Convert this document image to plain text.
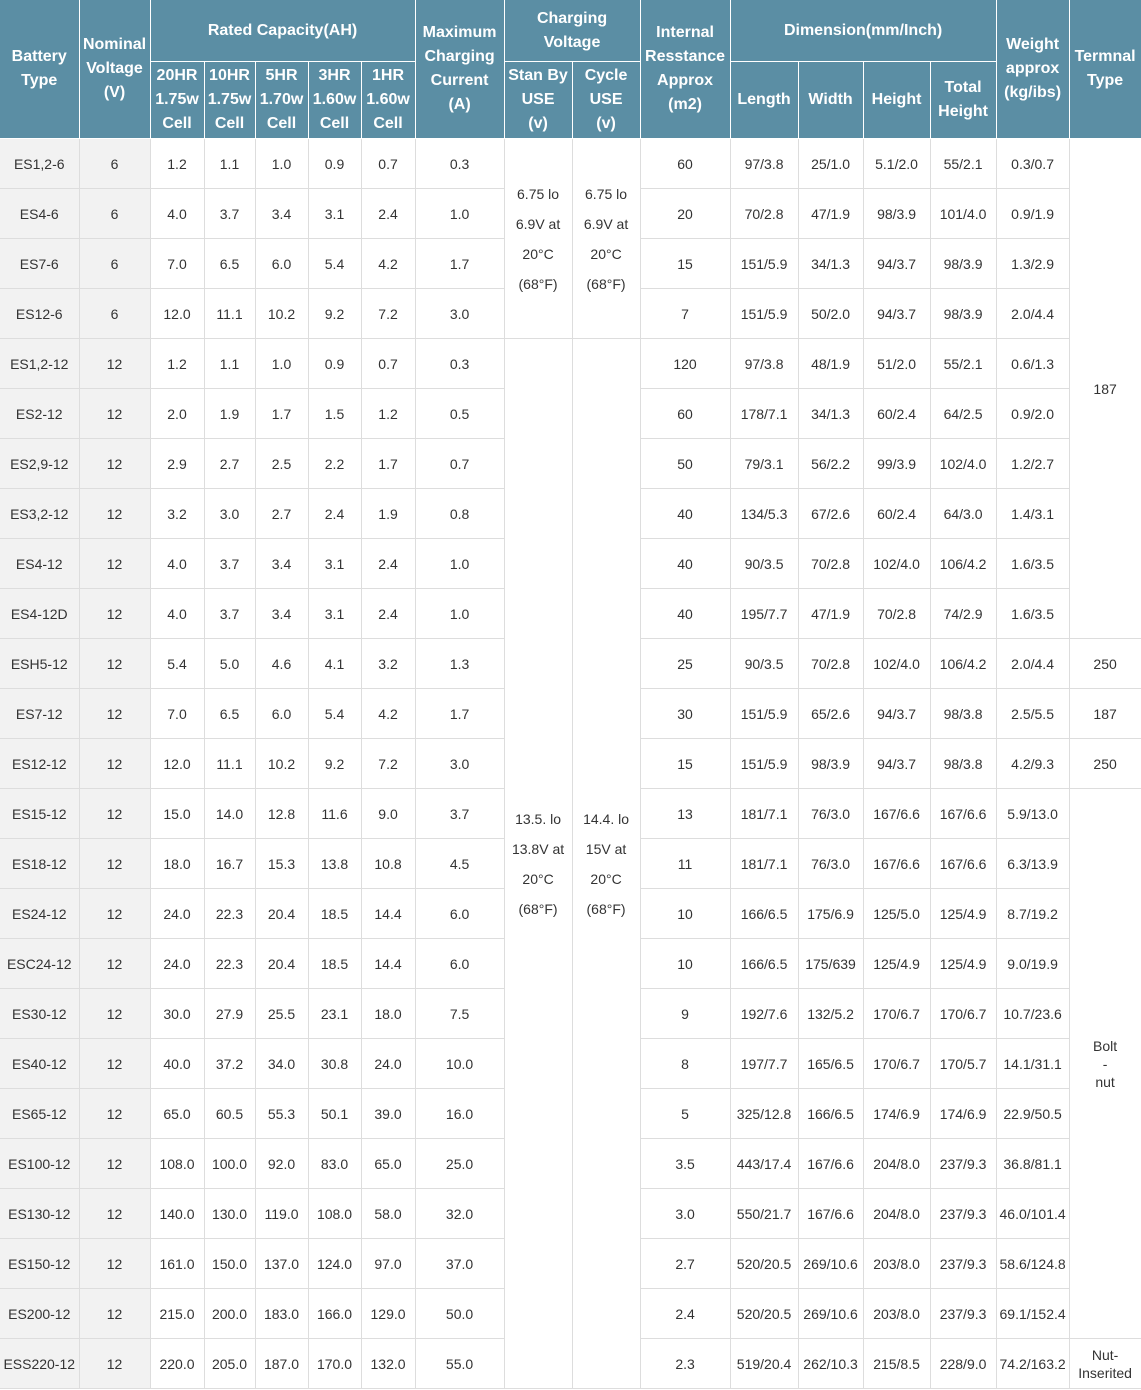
Battery
Type	Nominal
Voltage
(V)	Rated Capacity(AH)					Maximum
Charging
Current
(A)	Charging
Voltage		Internal
Resstance
Approx
(m2)	Dimension(mm/Inch)				Weight
approx
(kg/ibs)	Termnal
Type
		20HR
1.75w
Cell	10HR
1.75w
Cell	5HR
1.70w
Cell	3HR
1.60w
Cell	1HR
1.60w
Cell		Stan By
USE
(v)	Cycle
USE
(v)		Length	Width	Height	Total
Height		
ES1,2-6	6	1.2	1.1	1.0	0.9	0.7	0.3	6.75 lo
6.9V at
20°C
(68°F)	6.75 lo
6.9V at
20°C
(68°F)	60	97/3.8	25/1.0	5.1/2.0	55/2.1	0.3/0.7	187
ES4-6	6	4.0	3.7	3.4	3.1	2.4	1.0			20	70/2.8	47/1.9	98/3.9	101/4.0	0.9/1.9	
ES7-6	6	7.0	6.5	6.0	5.4	4.2	1.7			15	151/5.9	34/1.3	94/3.7	98/3.9	1.3/2.9	
ES12-6	6	12.0	11.1	10.2	9.2	7.2	3.0			7	151/5.9	50/2.0	94/3.7	98/3.9	2.0/4.4	
ES1,2-12	12	1.2	1.1	1.0	0.9	0.7	0.3	13.5. lo
13.8V at
20°C
(68°F)	14.4. lo
15V at
20°C
(68°F)	120	97/3.8	48/1.9	51/2.0	55/2.1	0.6/1.3	
ES2-12	12	2.0	1.9	1.7	1.5	1.2	0.5			60	178/7.1	34/1.3	60/2.4	64/2.5	0.9/2.0	
ES2,9-12	12	2.9	2.7	2.5	2.2	1.7	0.7			50	79/3.1	56/2.2	99/3.9	102/4.0	1.2/2.7	
ES3,2-12	12	3.2	3.0	2.7	2.4	1.9	0.8			40	134/5.3	67/2.6	60/2.4	64/3.0	1.4/3.1	
ES4-12	12	4.0	3.7	3.4	3.1	2.4	1.0			40	90/3.5	70/2.8	102/4.0	106/4.2	1.6/3.5	
ES4-12D	12	4.0	3.7	3.4	3.1	2.4	1.0			40	195/7.7	47/1.9	70/2.8	74/2.9	1.6/3.5	
ESH5-12	12	5.4	5.0	4.6	4.1	3.2	1.3			25	90/3.5	70/2.8	102/4.0	106/4.2	2.0/4.4	250
ES7-12	12	7.0	6.5	6.0	5.4	4.2	1.7			30	151/5.9	65/2.6	94/3.7	98/3.8	2.5/5.5	187
ES12-12	12	12.0	11.1	10.2	9.2	7.2	3.0			15	151/5.9	98/3.9	94/3.7	98/3.8	4.2/9.3	250
ES15-12	12	15.0	14.0	12.8	11.6	9.0	3.7			13	181/7.1	76/3.0	167/6.6	167/6.6	5.9/13.0	Bolt
-
nut
ES18-12	12	18.0	16.7	15.3	13.8	10.8	4.5			11	181/7.1	76/3.0	167/6.6	167/6.6	6.3/13.9	
ES24-12	12	24.0	22.3	20.4	18.5	14.4	6.0			10	166/6.5	175/6.9	125/5.0	125/4.9	8.7/19.2	
ESC24-12	12	24.0	22.3	20.4	18.5	14.4	6.0			10	166/6.5	175/639	125/4.9	125/4.9	9.0/19.9	
ES30-12	12	30.0	27.9	25.5	23.1	18.0	7.5			9	192/7.6	132/5.2	170/6.7	170/6.7	10.7/23.6	
ES40-12	12	40.0	37.2	34.0	30.8	24.0	10.0			8	197/7.7	165/6.5	170/6.7	170/5.7	14.1/31.1	
ES65-12	12	65.0	60.5	55.3	50.1	39.0	16.0			5	325/12.8	166/6.5	174/6.9	174/6.9	22.9/50.5	
ES100-12	12	108.0	100.0	92.0	83.0	65.0	25.0			3.5	443/17.4	167/6.6	204/8.0	237/9.3	36.8/81.1	
ES130-12	12	140.0	130.0	119.0	108.0	58.0	32.0			3.0	550/21.7	167/6.6	204/8.0	237/9.3	46.0/101.4	
ES150-12	12	161.0	150.0	137.0	124.0	97.0	37.0			2.7	520/20.5	269/10.6	203/8.0	237/9.3	58.6/124.8	
ES200-12	12	215.0	200.0	183.0	166.0	129.0	50.0			2.4	520/20.5	269/10.6	203/8.0	237/9.3	69.1/152.4	
ESS220-12	12	220.0	205.0	187.0	170.0	132.0	55.0			2.3	519/20.4	262/10.3	215/8.5	228/9.0	74.2/163.2	Nut-
Inserited
